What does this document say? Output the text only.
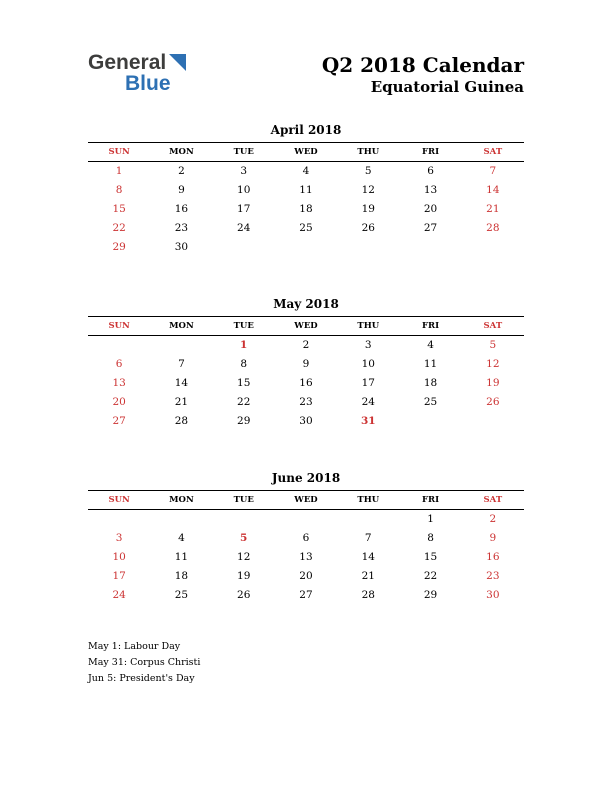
General
Blue
Q2 2018 Calendar
Equatorial Guinea
April 2018
SUN	MON	TUE	WED	THU	FRI	SAT
1	2	3	4	5	6	7
8	9	10	11	12	13	14
15	16	17	18	19	20	21
22	23	24	25	26	27	28
29	30					
May 2018
SUN	MON	TUE	WED	THU	FRI	SAT
		1	2	3	4	5
6	7	8	9	10	11	12
13	14	15	16	17	18	19
20	21	22	23	24	25	26
27	28	29	30	31		
June 2018
SUN	MON	TUE	WED	THU	FRI	SAT
					1	2
3	4	5	6	7	8	9
10	11	12	13	14	15	16
17	18	19	20	21	22	23
24	25	26	27	28	29	30
May 1: Labour Day
May 31: Corpus Christi
Jun 5: President's Day
